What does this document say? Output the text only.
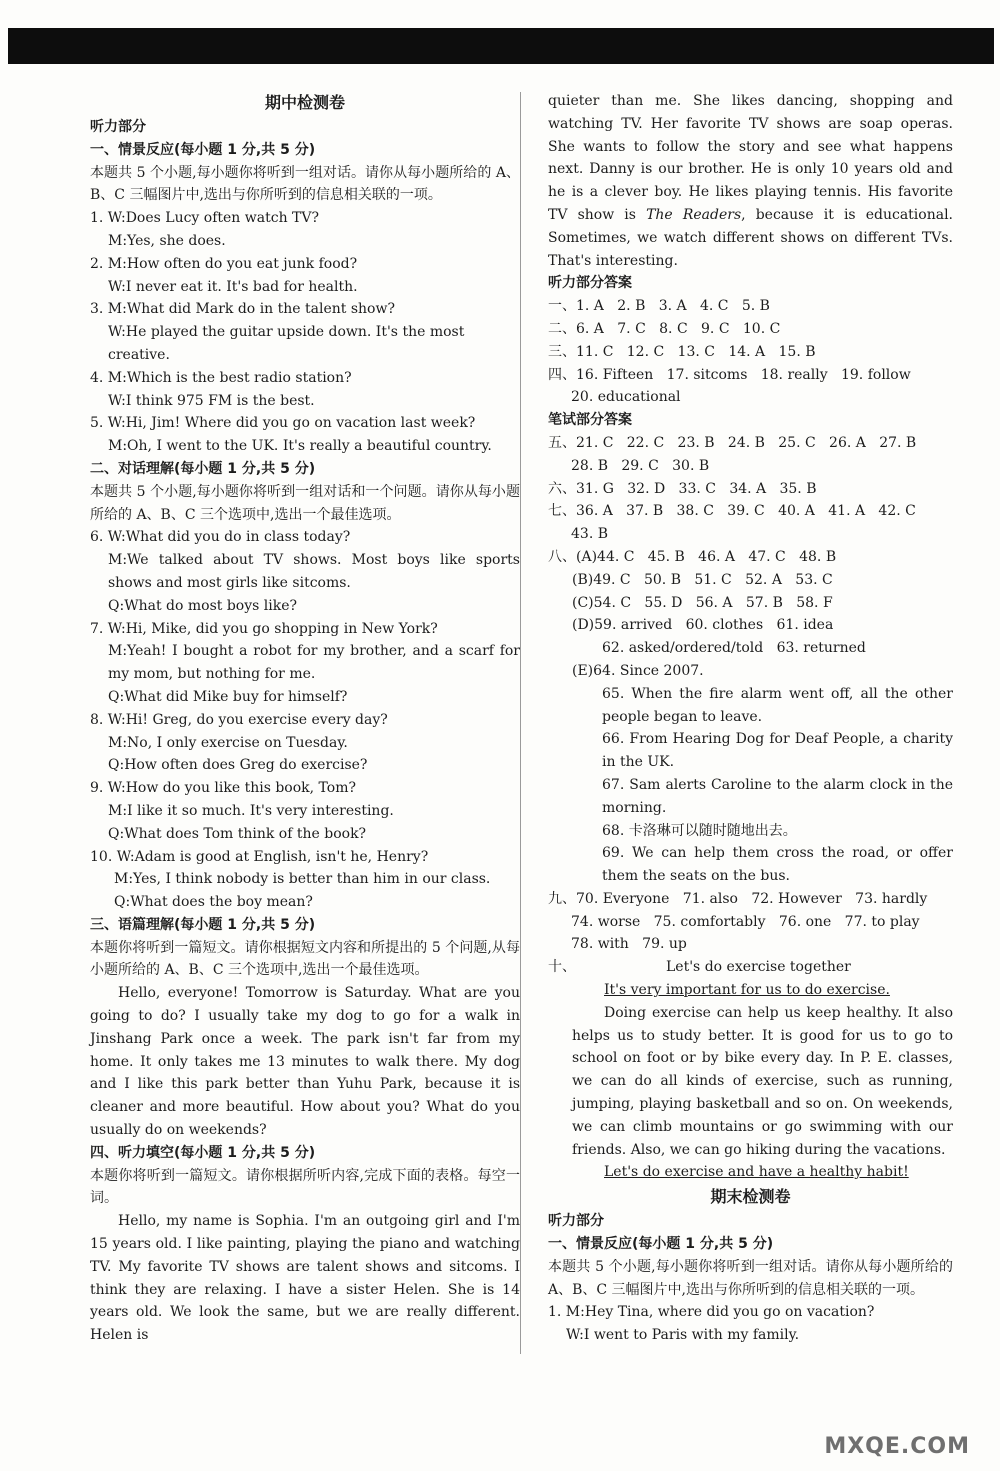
期中检测卷
听力部分
一、情景反应(每小题 1 分,共 5 分)
本题共 5 个小题,每小题你将听到一组对话。请你从每小题所给的 A、B、C 三幅图片中,选出与你所听到的信息相关联的一项。
1. W:Does Lucy often watch TV?
M:Yes, she does.
2. M:How often do you eat junk food?
W:I never eat it. It's bad for health.
3. M:What did Mark do in the talent show?
W:He played the guitar upside down. It's the most creative.
4. M:Which is the best radio station?
W:I think 975 FM is the best.
5. W:Hi, Jim! Where did you go on vacation last week?
M:Oh, I went to the UK. It's really a beautiful country.
二、对话理解(每小题 1 分,共 5 分)
本题共 5 个小题,每小题你将听到一组对话和一个问题。请你从每小题所给的 A、B、C 三个选项中,选出一个最佳选项。
6. W:What did you do in class today?
M:We talked about TV shows. Most boys like sports shows and most girls like sitcoms.
Q:What do most boys like?
7. W:Hi, Mike, did you go shopping in New York?
M:Yeah! I bought a robot for my brother, and a scarf for my mom, but nothing for me.
Q:What did Mike buy for himself?
8. W:Hi! Greg, do you exercise every day?
M:No, I only exercise on Tuesday.
Q:How often does Greg do exercise?
9. W:How do you like this book, Tom?
M:I like it so much. It's very interesting.
Q:What does Tom think of the book?
10. W:Adam is good at English, isn't he, Henry?
M:Yes, I think nobody is better than him in our class.
Q:What does the boy mean?
三、语篇理解(每小题 1 分,共 5 分)
本题你将听到一篇短文。请你根据短文内容和所提出的 5 个问题,从每小题所给的 A、B、C 三个选项中,选出一个最佳选项。
Hello, everyone! Tomorrow is Saturday. What are you going to do? I usually take my dog to go for a walk in Jinshang Park once a week. The park isn't far from my home. It only takes me 13 minutes to walk there. My dog and I like this park better than Yuhu Park, because it is cleaner and more beautiful. How about you? What do you usually do on weekends?
四、听力填空(每小题 1 分,共 5 分)
本题你将听到一篇短文。请你根据所听内容,完成下面的表格。每空一词。
Hello, my name is Sophia. I'm an outgoing girl and I'm 15 years old. I like painting, playing the piano and watching TV. My favorite TV shows are talent shows and sitcoms. I think they are relaxing. I have a sister Helen. She is 14 years old. We look the same, but we are really different. Helen is
quieter than me. She likes dancing, shopping and watching TV. Her favorite TV shows are soap operas. She wants to follow the story and see what happens next. Danny is our brother. He is only 10 years old and he is a clever boy. He likes playing tennis. His favorite TV show is The Readers, because it is educational. Sometimes, we watch different shows on different TVs. That's interesting.
听力部分答案
一、1. A   2. B   3. A   4. C   5. B
二、6. A   7. C   8. C   9. C   10. C
三、11. C   12. C   13. C   14. A   15. B
四、16. Fifteen   17. sitcoms   18. really   19. follow
20. educational
笔试部分答案
五、21. C   22. C   23. B   24. B   25. C   26. A   27. B
28. B   29. C   30. B
六、31. G   32. D   33. C   34. A   35. B
七、36. A   37. B   38. C   39. C   40. A   41. A   42. C
43. B
八、(A)44. C   45. B   46. A   47. C   48. B
(B)49. C   50. B   51. C   52. A   53. C
(C)54. C   55. D   56. A   57. B   58. F
(D)59. arrived   60. clothes   61. idea
62. asked/ordered/told   63. returned
(E)64. Since 2007.
65. When the fire alarm went off, all the other people began to leave.
66. From Hearing Dog for Deaf People, a charity in the UK.
67. Sam alerts Caroline to the alarm clock in the morning.
68. 卡洛琳可以随时随地出去。
69. We can help them cross the road, or offer them the seats on the bus.
九、70. Everyone   71. also   72. However   73. hardly
74. worse   75. comfortably   76. one   77. to play
78. with   79. up
十、	Let's do exercise together
It's very important for us to do exercise.
Doing exercise can help us keep healthy. It also helps us to study better. It is good for us to go to school on foot or by bike every day. In P. E. classes, we can do all kinds of exercise, such as running, jumping, playing basketball and so on. On weekends, we can climb mountains or go swimming with our friends. Also, we can go hiking during the vacations.
Let's do exercise and have a healthy habit!
期末检测卷
听力部分
一、情景反应(每小题 1 分,共 5 分)
本题共 5 个小题,每小题你将听到一组对话。请你从每小题所给的 A、B、C 三幅图片中,选出与你所听到的信息相关联的一项。
1. M:Hey Tina, where did you go on vacation?
W:I went to Paris with my family.
MXQE.COM
